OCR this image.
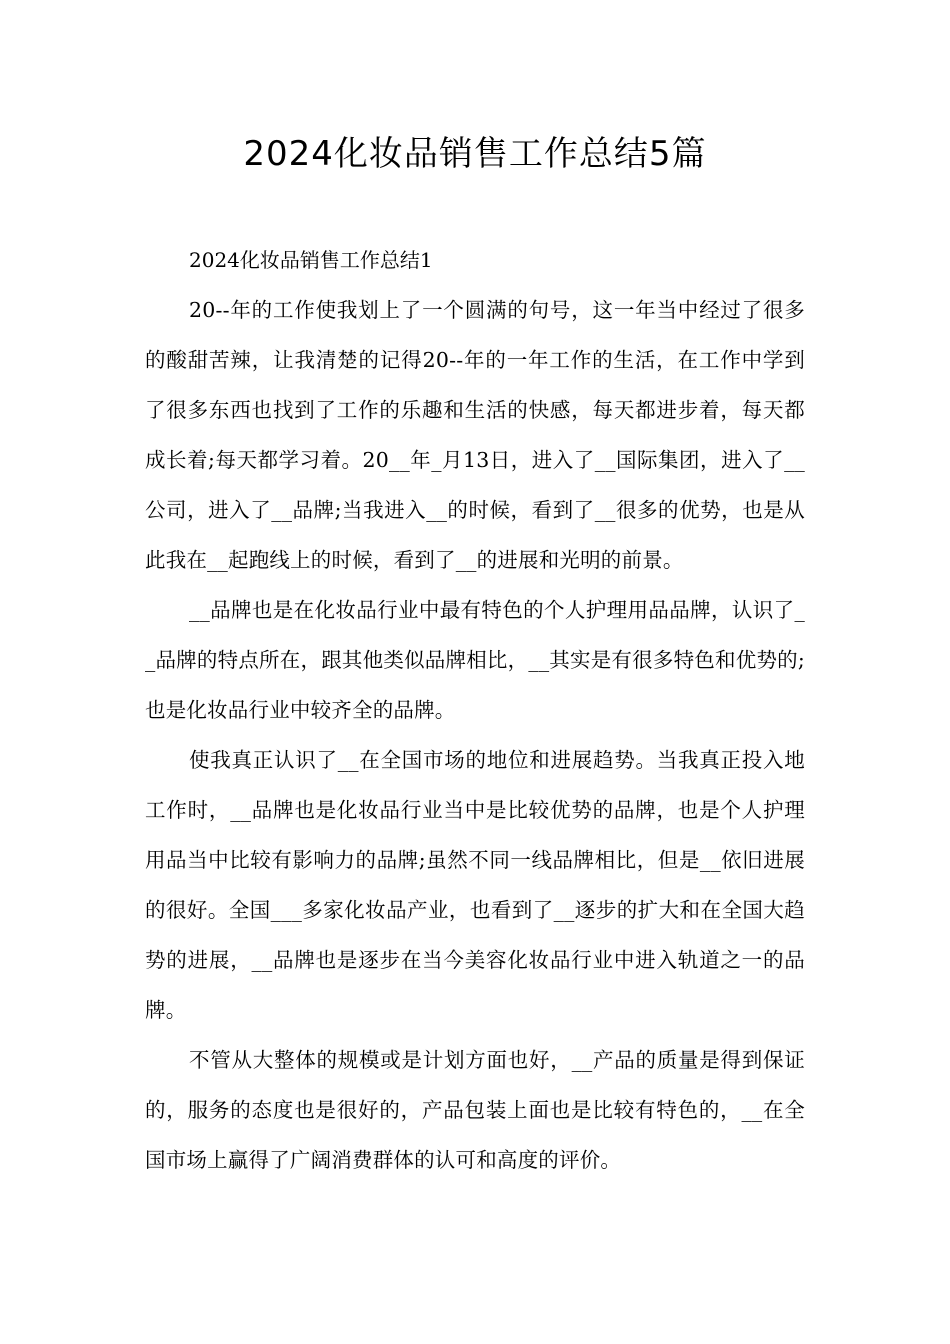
2024化妆品销售工作总结5篇

2024化妆品销售工作总结1

20--年的工作使我划上了一个圆满的句号，这一年当中经过了很多的酸甜苦辣，让我清楚的记得20--年的一年工作的生活，在工作中学到了很多东西也找到了工作的乐趣和生活的快感，每天都进步着，每天都成长着;每天都学习着。20__年_月13日，进入了__国际集团，进入了__公司，进入了__品牌;当我进入__的时候，看到了__很多的优势，也是从此我在__起跑线上的时候，看到了__的进展和光明的前景。

__品牌也是在化妆品行业中最有特色的个人护理用品品牌，认识了__品牌的特点所在，跟其他类似品牌相比，__其实是有很多特色和优势的;也是化妆品行业中较齐全的品牌。

使我真正认识了__在全国市场的地位和进展趋势。当我真正投入地工作时，__品牌也是化妆品行业当中是比较优势的品牌，也是个人护理用品当中比较有影响力的品牌;虽然不同一线品牌相比，但是__依旧进展的很好。全国___多家化妆品产业，也看到了__逐步的扩大和在全国大趋势的进展，__品牌也是逐步在当今美容化妆品行业中进入轨道之一的品牌。

不管从大整体的规模或是计划方面也好，__产品的质量是得到保证的，服务的态度也是很好的，产品包装上面也是比较有特色的，__在全国市场上赢得了广阔消费群体的认可和高度的评价。
